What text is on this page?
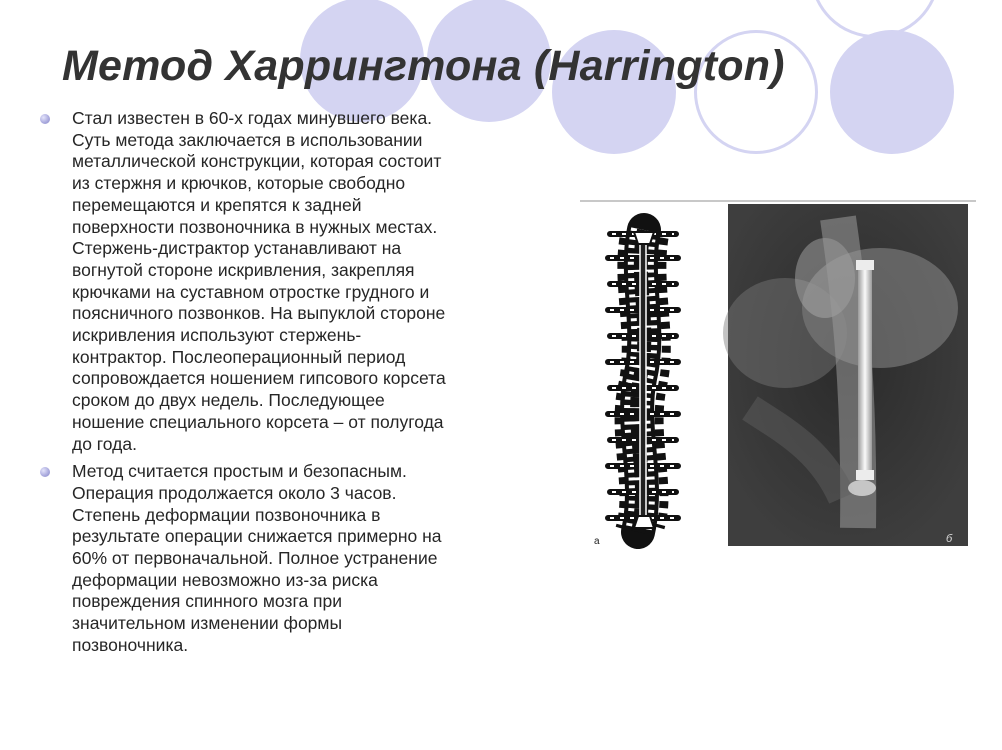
Метод Харрингтона (Harrington)
Стал известен в 60-х годах минувшего века.
Суть метода заключается в использовании
металлической конструкции, которая состоит
из стержня и крючков, которые свободно
перемещаются и крепятся к задней
поверхности позвоночника в нужных местах.
Стержень-дистрактор устанавливают на
вогнутой стороне искривления, закрепляя
крючками на суставном отростке грудного и
поясничного позвонков. На выпуклой стороне
искривления используют стержень-
контрактор. Послеоперационный период
сопровождается ношением гипсового корсета
сроком до двух недель. Последующее
ношение специального корсета – от полугода
до года.
Метод считается простым и безопасным.
Операция продолжается около 3 часов.
Степень деформации позвоночника в
результате операции снижается примерно на
60% от первоначальной. Полное устранение
деформации невозможно из-за риска
повреждения спинного мозга при
значительном изменении формы
позвоночника.
a	б
